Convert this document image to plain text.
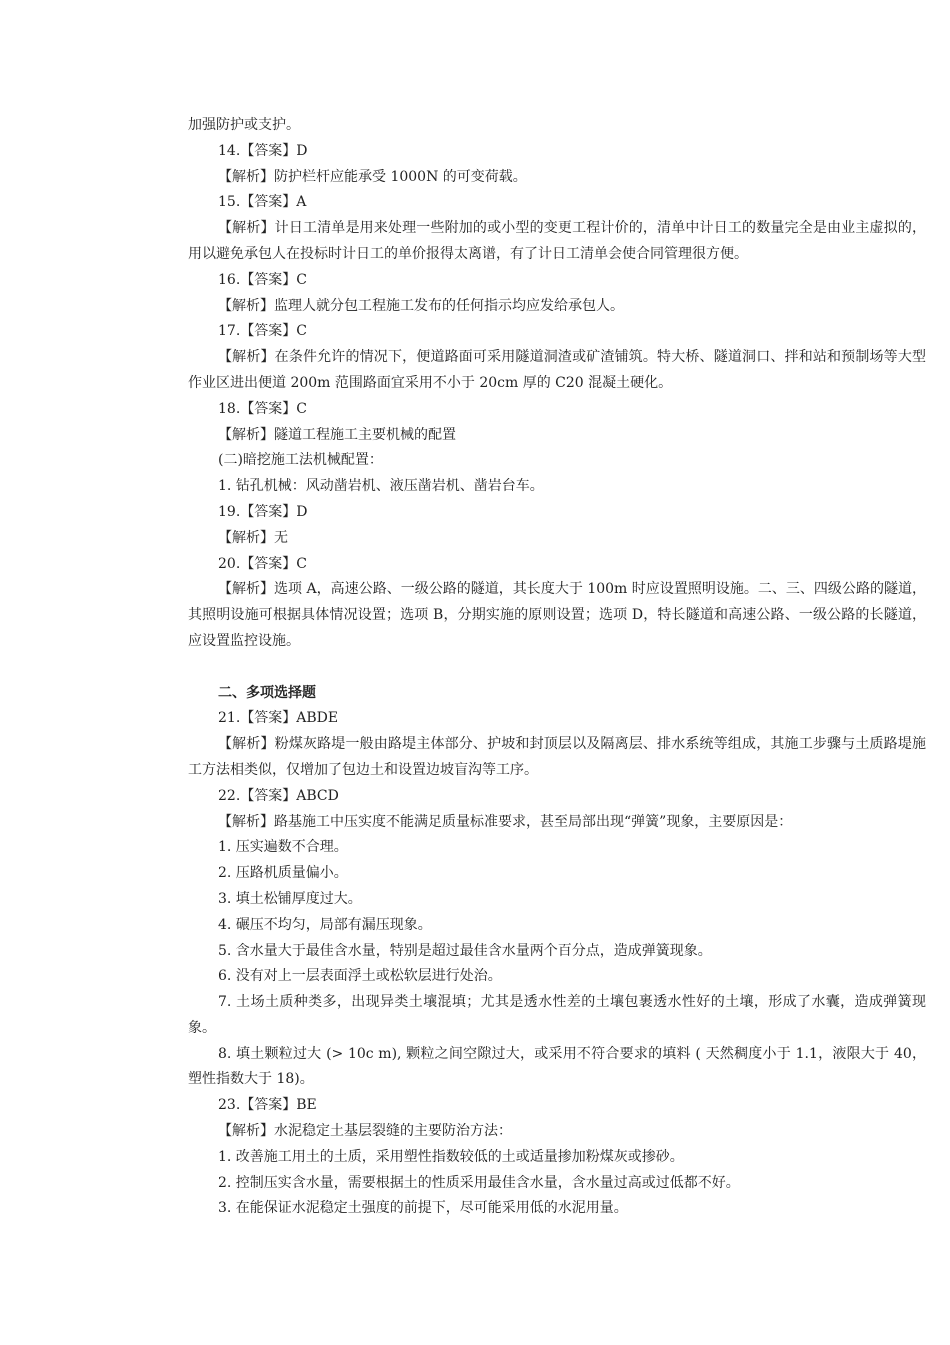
加强防护或支护。

14.【答案】D

【解析】防护栏杆应能承受 1000N 的可变荷载。

15.【答案】A

【解析】计日工清单是用来处理一些附加的或小型的变更工程计价的，清单中计日工的数量完全是由业主虚拟的，用以避免承包人在投标时计日工的单价报得太离谱，有了计日工清单会使合同管理很方便。

16.【答案】C

【解析】监理人就分包工程施工发布的任何指示均应发给承包人。

17.【答案】C

【解析】在条件允许的情况下，便道路面可采用隧道洞渣或矿渣铺筑。特大桥、隧道洞口、拌和站和预制场等大型作业区进出便道 200m 范围路面宜采用不小于 20cm 厚的 C20 混凝土硬化。

18.【答案】C

【解析】隧道工程施工主要机械的配置

(二)暗挖施工法机械配置：

1. 钻孔机械：风动凿岩机、液压凿岩机、凿岩台车。

19.【答案】D

【解析】无

20.【答案】C

【解析】选项 A，高速公路、一级公路的隧道，其长度大于 100m 时应设置照明设施。二、三、四级公路的隧道，其照明设施可根据具体情况设置；选项 B，分期实施的原则设置；选项 D，特长隧道和高速公路、一级公路的长隧道，应设置监控设施。

二、多项选择题

21.【答案】ABDE

【解析】粉煤灰路堤一般由路堤主体部分、护坡和封顶层以及隔离层、排水系统等组成，其施工步骤与土质路堤施工方法相类似，仅增加了包边土和设置边坡盲沟等工序。

22.【答案】ABCD

【解析】路基施工中压实度不能满足质量标准要求，甚至局部出现“弹簧”现象，主要原因是：

1. 压实遍数不合理。

2. 压路机质量偏小。

3. 填土松铺厚度过大。

4. 碾压不均匀，局部有漏压现象。

5. 含水量大于最佳含水量，特别是超过最佳含水量两个百分点，造成弹簧现象。

6. 没有对上一层表面浮土或松软层进行处治。

7. 土场土质种类多，出现异类土壤混填；尤其是透水性差的土壤包裹透水性好的土壤，形成了水囊，造成弹簧现象。

8. 填土颗粒过大 (> 10c m), 颗粒之间空隙过大，或采用不符合要求的填料 ( 天然稠度小于 1.1，液限大于 40，塑性指数大于 18)。

23.【答案】BE

【解析】水泥稳定土基层裂缝的主要防治方法：

1. 改善施工用土的土质，采用塑性指数较低的土或适量掺加粉煤灰或掺砂。

2. 控制压实含水量，需要根据土的性质采用最佳含水量，含水量过高或过低都不好。

3. 在能保证水泥稳定土强度的前提下，尽可能采用低的水泥用量。
